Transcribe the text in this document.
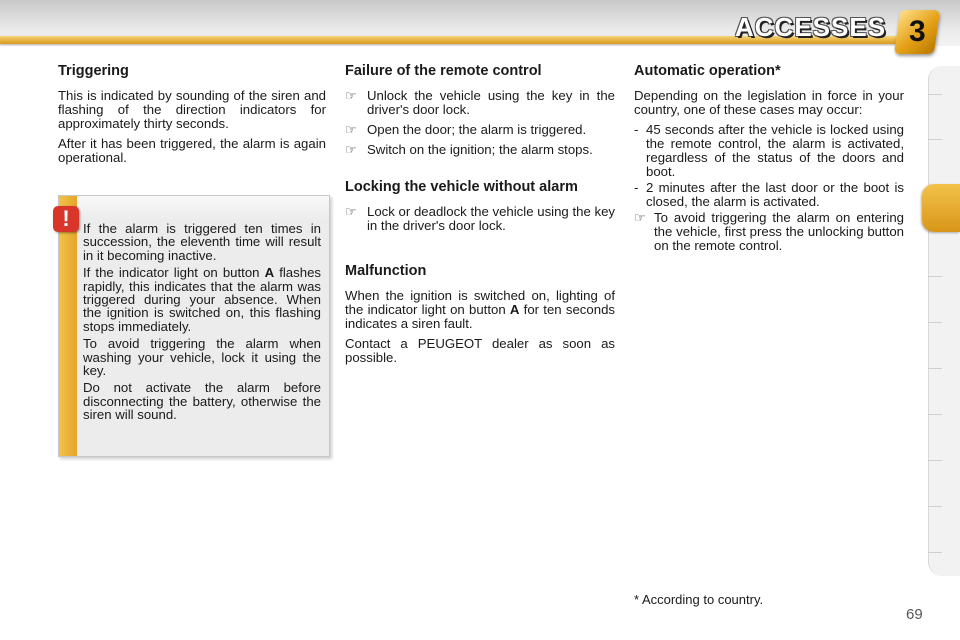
ACCESSES 3
Triggering

This is indicated by sounding of the siren and flashing of the direction indicators for approximately thirty seconds.

After it has been triggered, the alarm is again operational.

!	If the alarm is triggered ten times in succession, the eleventh time will result in it becoming inactive.

If the indicator light on button A flashes rapidly, this indicates that the alarm was triggered during your absence. When the ignition is switched on, this flashing stops immediately.

To avoid triggering the alarm when washing your vehicle, lock it using the key.

Do not activate the alarm before disconnecting the battery, otherwise the siren will sound.

Failure of the remote control
☞ Unlock the vehicle using the key in the driver's door lock.
☞ Open the door; the alarm is triggered.
☞ Switch on the ignition; the alarm stops.
Locking the vehicle without alarm
☞ Lock or deadlock the vehicle using the key in the driver's door lock.
Malfunction

When the ignition is switched on, lighting of the indicator light on button A for ten seconds indicates a siren fault.

Contact a PEUGEOT dealer as soon as possible.

Automatic operation*

Depending on the legislation in force in your country, one of these cases may occur:

- 45 seconds after the vehicle is locked using the remote control, the alarm is activated, regardless of the status of the doors and boot.
- 2 minutes after the last door or the boot is closed, the alarm is activated.
☞ To avoid triggering the alarm on entering the vehicle, first press the unlocking button on the remote control.
* According to country.
69
